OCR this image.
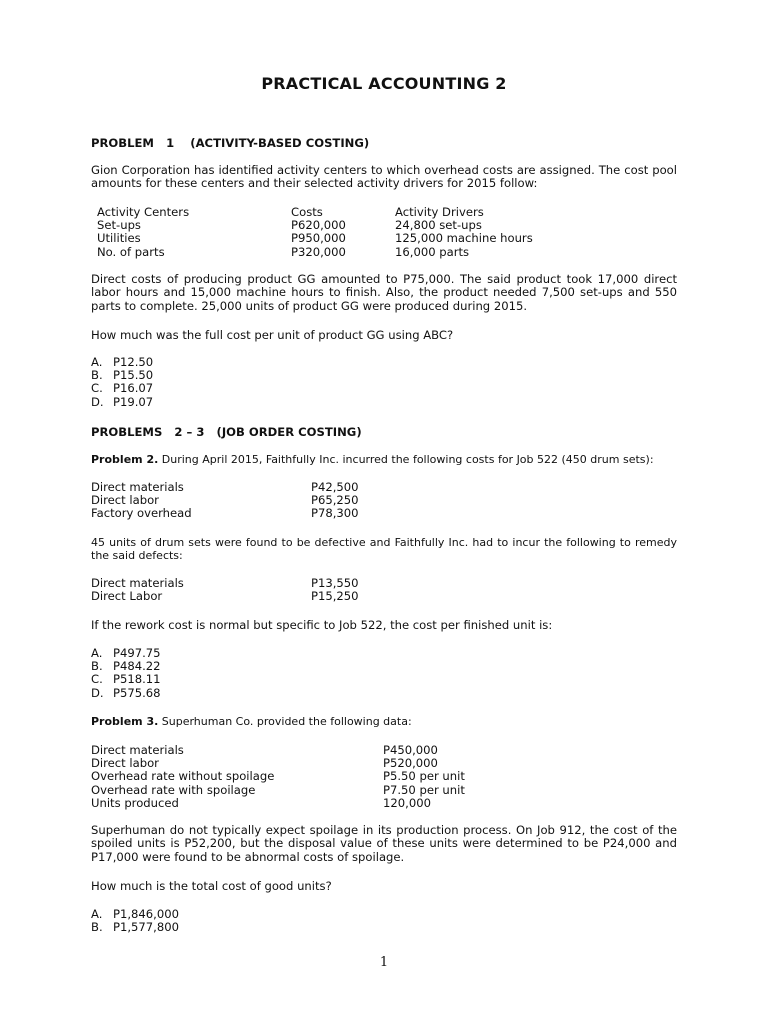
PRACTICAL ACCOUNTING 2
PROBLEM   1    (ACTIVITY-BASED COSTING)
Gion Corporation has identified activity centers to which overhead costs are assigned. The cost pool amounts for these centers and their selected activity drivers for 2015 follow:
Activity Centers	Costs	Activity Drivers
Set-ups	P620,000	24,800 set-ups
Utilities	P950,000	125,000 machine hours
No. of parts	P320,000	16,000 parts
Direct costs of producing product GG amounted to P75,000. The said product took 17,000 direct labor hours and 15,000 machine hours to finish. Also, the product needed 7,500 set-ups and 550 parts to complete. 25,000 units of product GG were produced during 2015.
How much was the full cost per unit of product GG using ABC?
A. P12.50
B. P15.50
C. P16.07
D. P19.07
PROBLEMS   2 – 3   (JOB ORDER COSTING)
Problem 2. During April 2015, Faithfully Inc. incurred the following costs for Job 522 (450 drum sets):
Direct materials	P42,500
Direct labor	P65,250
Factory overhead	P78,300
45 units of drum sets were found to be defective and Faithfully Inc. had to incur the following to remedy the said defects:
Direct materials	P13,550
Direct Labor	P15,250
If the rework cost is normal but specific to Job 522, the cost per finished unit is:
A. P497.75
B. P484.22
C. P518.11
D. P575.68
Problem 3. Superhuman Co. provided the following data:
Direct materials	P450,000
Direct labor	P520,000
Overhead rate without spoilage	P5.50 per unit
Overhead rate with spoilage	P7.50 per unit
Units produced	120,000
Superhuman do not typically expect spoilage in its production process. On Job 912, the cost of the spoiled units is P52,200, but the disposal value of these units were determined to be P24,000 and P17,000 were found to be abnormal costs of spoilage.
How much is the total cost of good units?
A. P1,846,000
B. P1,577,800
1
